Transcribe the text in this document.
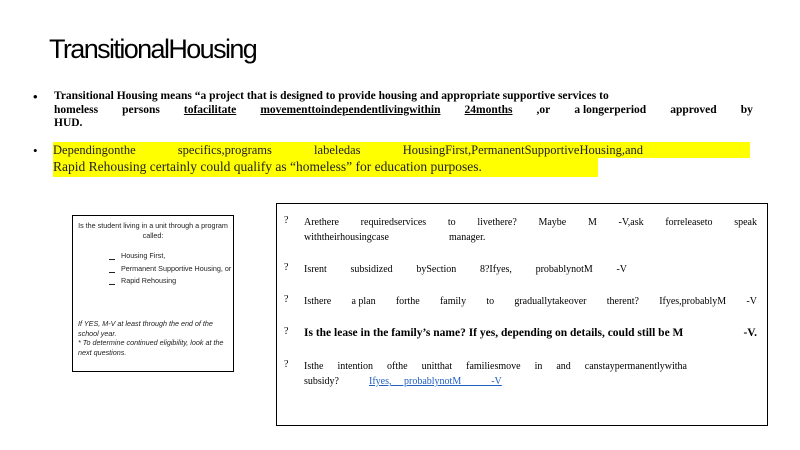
TransitionalHousing
• Transitional Housing means “a project that is designed to provide housing and appropriate supportive services to
homeless persons tofacilitate movementtoindependentlivingwithin 24months ,or a longerperiod approved by
HUD.
• Dependingonthe	specifics,programs	labeledas	HousingFirst,PermanentSupportiveHousing,and
Rapid Rehousing certainly could qualify as “homeless” for education purposes.
Is the student living in a unit through a program called:
Housing First,
Permanent Supportive Housing, or
Rapid Rehousing
If YES, M-V at least through the end of the school year.
* To determine continued eligibility, look at the next questions.
? Arethere requiredservices to livethere? Maybe M -V,ask forreleaseto speak
withtheirhousingcase	manager.
? Isrent subsidized bySection 8?Ifyes, probablynotM -V
? Isthere a plan forthe family to graduallytakeover therent? Ifyes,probablyM -V
? Is the lease in the family’s name? If yes, depending on details, could still be M	-V.
? Isthe intention ofthe unitthat familiesmove in and canstaypermanentlywitha
subsidy?	Ifyes,     probablynotM            -V
